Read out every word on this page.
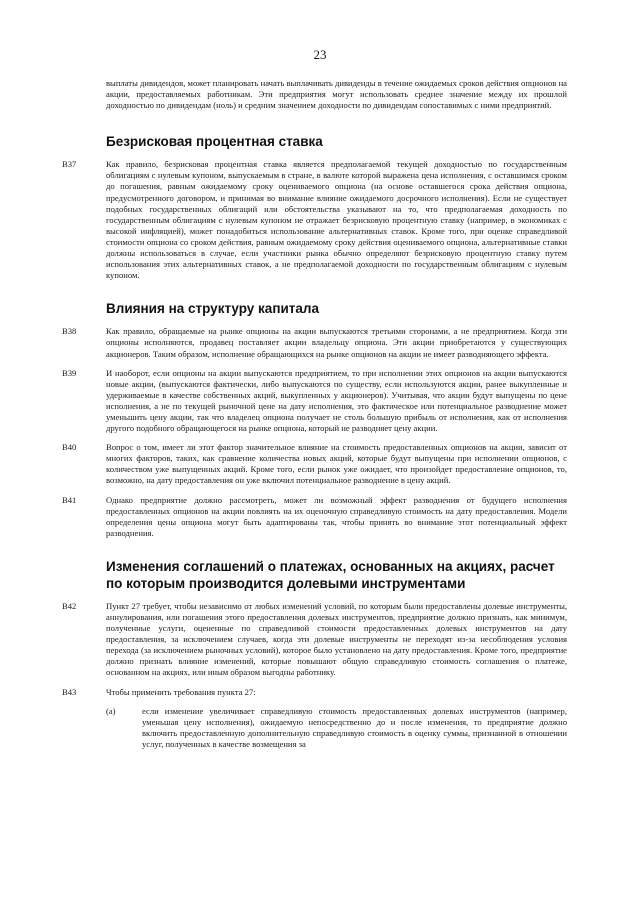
23
выплаты дивидендов, может планировать начать выплачивать дивиденды в течение ожидаемых сроков действия опционов на акции, предоставляемых работникам. Эти предприятия могут использовать среднее значение между их прошлой доходностью по дивидендам (ноль) и средним значением доходности по дивидендам сопоставимых с ними предприятий.
Безрисковая процентная ставка
B37	Как правило, безрисковая процентная ставка является предполагаемой текущей доходностью по государственным облигациям с нулевым купоном, выпускаемым в стране, в валюте которой выражена цена исполнения, с оставшимся сроком до погашения, равным ожидаемому сроку оцениваемого опциона (на основе оставшегося срока действия опциона, предусмотренного договором, и принимая во внимание влияние ожидаемого досрочного исполнения). Если не существует подобных государственных облигаций или обстоятельства указывают на то, что предполагаемая доходность по государственным облигациям с нулевым купоном не отражает безрисковую процентную ставку (например, в экономиках с высокой инфляцией), может понадобиться использование альтернативных ставок. Кроме того, при оценке справедливой стоимости опциона со сроком действия, равным ожидаемому сроку действия оцениваемого опциона, альтернативные ставки должны использоваться в случае, если участники рынка обычно определяют безрисковую процентную ставку путем использования этих альтернативных ставок, а не предполагаемой доходности по государственным облигациям с нулевым купоном.
Влияния на структуру капитала
B38	Как правило, обращаемые на рынке опционы на акции выпускаются третьими сторонами, а не предприятием. Когда эти опционы исполняются, продавец поставляет акции владельцу опциона. Эти акции приобретаются у существующих акционеров. Таким образом, исполнение обращающихся на рынке опционов на акции не имеет разводняющего эффекта.
B39	И наоборот, если опционы на акции выпускаются предприятием, то при исполнении этих опционов на акции выпускаются новые акции, (выпускаются фактически, либо выпускаются по существу, если используются акции, ранее выкупленные и удерживаемые в качестве собственных акций, выкупленных у акционеров). Учитывая, что акции будут выпущены по цене исполнения, а не по текущей рыночной цене на дату исполнения, это фактическое или потенциальное разводнение может уменьшить цену акции, так что владелец опциона получает не столь большую прибыль от исполнения, как от исполнения другого подобного обращающегося на рынке опциона, который не разводняет цену акции.
B40	Вопрос о том, имеет ли этот фактор значительное влияние на стоимость предоставленных опционов на акции, зависит от многих факторов, таких, как сравнение количества новых акций, которые будут выпущены при исполнении опционов, с количеством уже выпущенных акций. Кроме того, если рынок уже ожидает, что произойдет предоставление опционов, то, возможно, на дату предоставления он уже включил потенциальное разводнение в цену акций.
B41	Однако предприятие должно рассмотреть, может ли возможный эффект разводнения от будущего исполнения предоставленных опционов на акции повлиять на их оценочную справедливую стоимость на дату предоставления. Модели определения цены опциона могут быть адаптированы так, чтобы принять во внимание этот потенциальный эффект разводнения.
Изменения соглашений о платежах, основанных на акциях, расчет по которым производится долевыми инструментами
B42	Пункт 27 требует, чтобы независимо от любых изменений условий, по которым были предоставлены долевые инструменты, аннулирования, или погашения этого предоставления долевых инструментов, предприятие должно признать, как минимум, полученные услуги, оцененные по справедливой стоимости предоставленных долевых инструментов на дату предоставления, за исключением случаев, когда эти долевые инструменты не переходят из-за несоблюдения условия перехода (за исключением рыночных условий), которое было установлено на дату предоставления. Кроме того, предприятие должно признать влияние изменений, которые повышают общую справедливую стоимость соглашения о платеже, основанном на акциях, или иным образом выгодны работнику.
B43	Чтобы применить требования пункта 27:
(a)	если изменение увеличивает справедливую стоимость предоставленных долевых инструментов (например, уменьшая цену исполнения), ожидаемую непосредственно до и после изменения, то предприятие должно включить предоставленную дополнительную справедливую стоимость в оценку суммы, признанной в отношении услуг, полученных в качестве возмещения за
